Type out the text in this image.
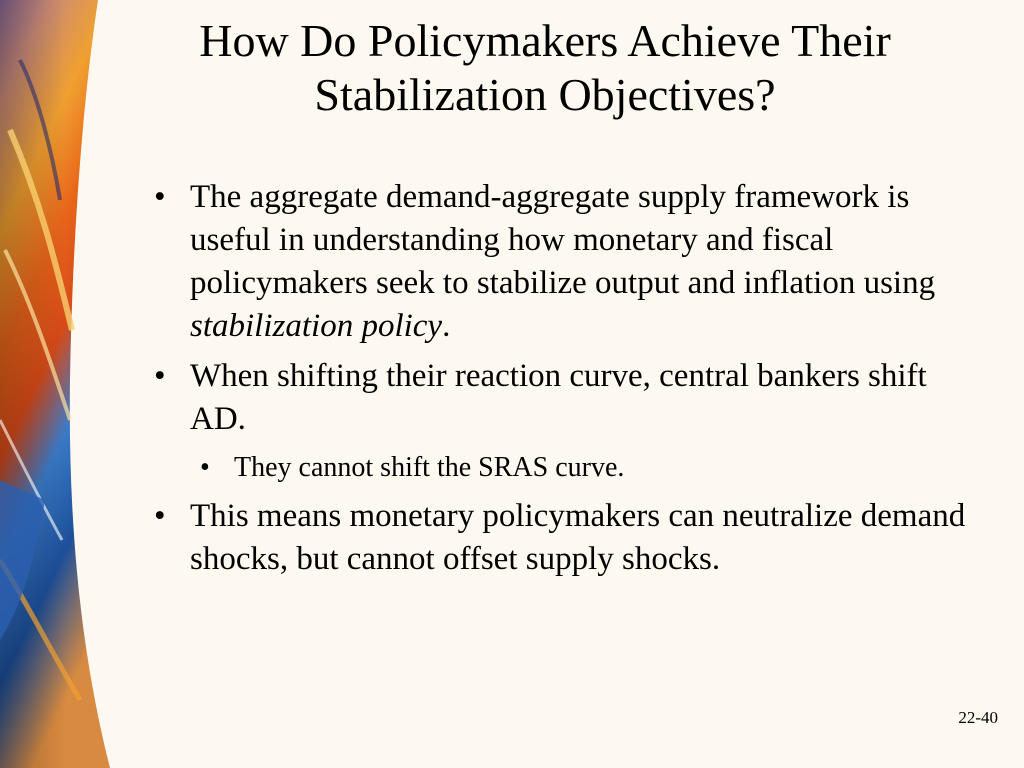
How Do Policymakers Achieve Their
Stabilization Objectives?
• The aggregate demand-aggregate supply framework is useful in understanding how monetary and fiscal policymakers seek to stabilize output and inflation using stabilization policy.
• When shifting their reaction curve, central bankers shift AD.
• They cannot shift the SRAS curve.
• This means monetary policymakers can neutralize demand shocks, but cannot offset supply shocks.
22-40
